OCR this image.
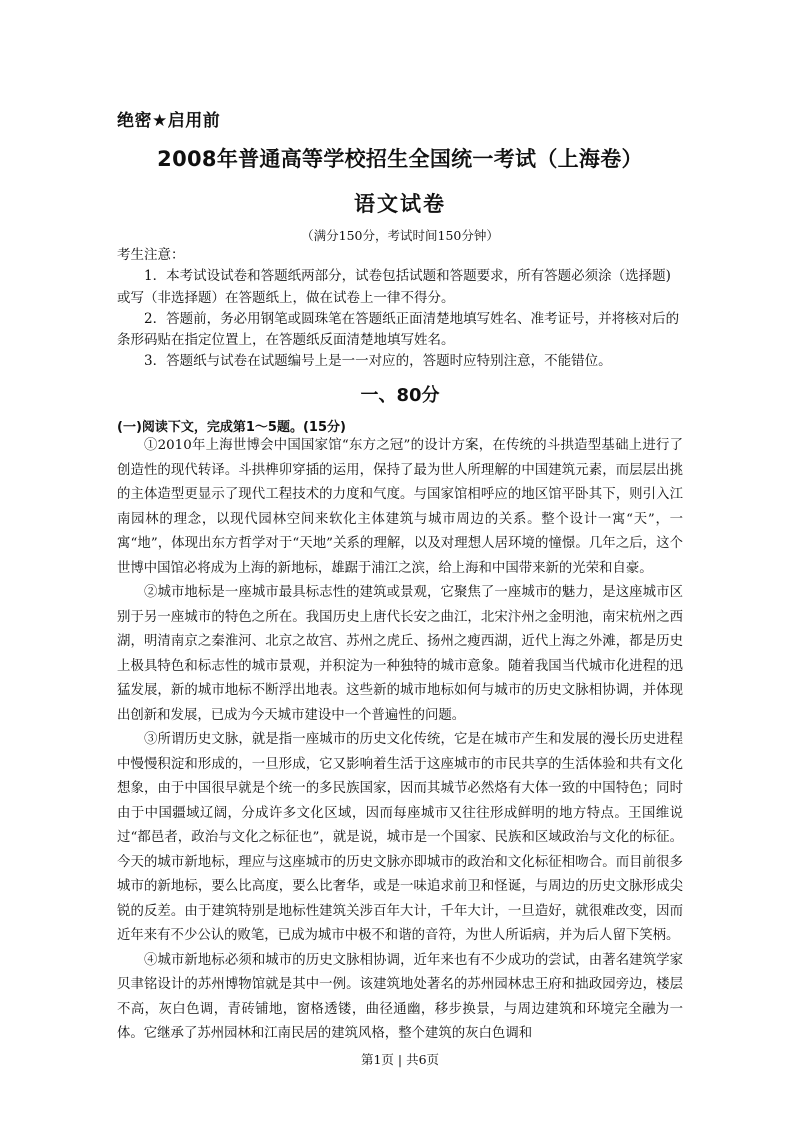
绝密★启用前
2008年普通高等学校招生全国统一考试（上海卷）
语文试卷
（满分150分，考试时间150分钟）

考生注意：

1．本考试设试卷和答题纸两部分，试卷包括试题和答题要求，所有答题必须涂（选择题)或写（非选择题）在答题纸上，做在试卷上一律不得分。

2．答题前，务必用钢笔或圆珠笔在答题纸正面清楚地填写姓名、准考证号，并将核对后的条形码贴在指定位置上，在答题纸反面清楚地填写姓名。

3．答题纸与试卷在试题编号上是一一对应的，答题时应特别注意，不能错位。

一、80分
(一)阅读下文，完成第1～5题。(15分)

①2010年上海世博会中国国家馆“东方之冠”的设计方案，在传统的斗拱造型基础上进行了创造性的现代转译。斗拱榫卯穿插的运用，保持了最为世人所理解的中国建筑元素，而层层出挑的主体造型更显示了现代工程技术的力度和气度。与国家馆相呼应的地区馆平卧其下，则引入江南园林的理念，以现代园林空间来软化主体建筑与城市周边的关系。整个设计一寓“天”，一寓“地”，体现出东方哲学对于“天地”关系的理解，以及对理想人居环境的憧憬。几年之后，这个世博中国馆必将成为上海的新地标，雄踞于浦江之滨，给上海和中国带来新的光荣和自豪。

②城市地标是一座城市最具标志性的建筑或景观，它聚焦了一座城市的魅力，是这座城市区别于另一座城市的特色之所在。我国历史上唐代长安之曲江，北宋汴州之金明池，南宋杭州之西湖，明清南京之秦淮河、北京之故宫、苏州之虎丘、扬州之瘦西湖，近代上海之外滩，都是历史上极具特色和标志性的城市景观，并积淀为一种独特的城市意象。随着我国当代城市化进程的迅猛发展，新的城市地标不断浮出地表。这些新的城市地标如何与城市的历史文脉相协调，并体现出创新和发展，已成为今天城市建设中一个普遍性的问题。

③所谓历史文脉，就是指一座城市的历史文化传统，它是在城市产生和发展的漫长历史进程中慢慢积淀和形成的，一旦形成，它又影响着生活于这座城市的市民共享的生活体验和共有文化想象，由于中国很早就是个统一的多民族国家，因而其城节必然烙有大体一致的中国特色；同时由于中国疆域辽阔，分成许多文化区域，因而每座城市又往往形成鲜明的地方特点。王国维说过“都邑者，政治与文化之标征也”，就是说，城市是一个国家、民族和区域政治与文化的标征。今天的城市新地标，理应与这座城市的历史文脉亦即城市的政治和文化标征相吻合。而目前很多城市的新地标，要么比高度，要么比奢华，或是一味追求前卫和怪诞，与周边的历史文脉形成尖锐的反差。由于建筑特别是地标性建筑关涉百年大计，千年大计，一旦造好，就很难改变，因而近年来有不少公认的败笔，已成为城市中极不和谐的音符，为世人所诟病，并为后人留下笑柄。

④城市新地标必须和城市的历史文脉相协调，近年来也有不少成功的尝试，由著名建筑学家贝聿铭设计的苏州博物馆就是其中一例。该建筑地处著名的苏州园林忠王府和拙政园旁边，楼层不高，灰白色调，青砖铺地，窗格透镂，曲径通幽，移步换景，与周边建筑和环境完全融为一体。它继承了苏州园林和江南民居的建筑风格，整个建筑的灰白色调和

第1页 | 共6页
